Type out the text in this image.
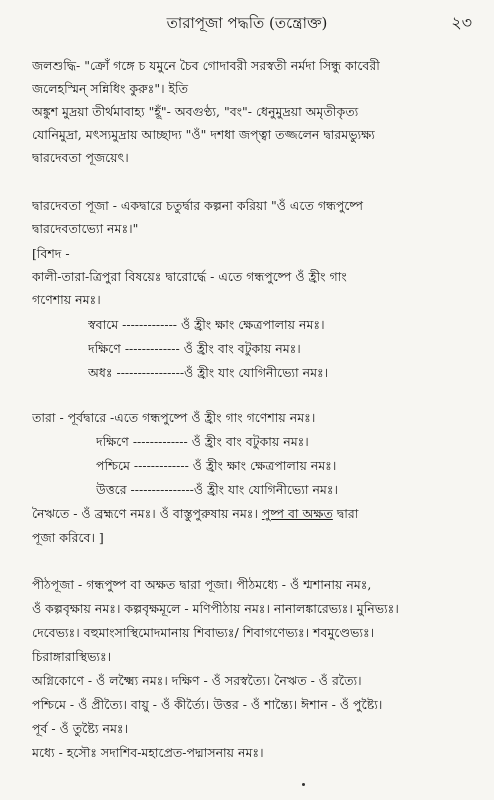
তারাপূজা পদ্ধতি (তন্ত্রোক্ত)	২৩
জলশুদ্ধি- "ক্রোঁ গঙ্গে চ যমুনে চৈব গোদাবরী সরস্বতী নর্মদা সিন্ধু কাবেরী
জলেহস্মিন্ সন্নিধিং কুরুঃ"। ইতি
অঙ্কুশ মুদ্রয়া তীর্থমাবাহ্য "হূঁ"- অবগুণ্ঠ্য, "বং"- ধেনুমুদ্রয়া অমৃতীকৃত্য
যোনিমুদ্রা, মৎস্যমুদ্রায় আচ্ছাদ্য "ওঁ" দশধা জপ্ত্বা তজ্জলেন দ্বারমভ্যুক্ষ্য
দ্বারদেবতা পূজয়েৎ।
দ্বারদেবতা পূজা - একদ্বারে চতুর্দ্বার কল্পনা করিয়া "ওঁ এতে গন্ধপুষ্পে
দ্বারদেবতাভ্যো নমঃ।"
[বিশদ -
কালী-তারা-ত্রিপুরা বিষয়েঃ দ্বারোর্দ্ধে - এতে গন্ধপুষ্পে ওঁ হ্রীং গাং
গণেশায় নমঃ।
স্ববামে ------------- ওঁ হ্রীং ক্ষাং ক্ষেত্রপালায় নমঃ।
দক্ষিণে ------------- ওঁ হ্রীং বাং বটুকায় নমঃ।
অধঃ ----------------ওঁ হ্রীং যাং যোগিনীভ্যো নমঃ।
তারা - পূর্বদ্বারে -এতে গন্ধপুষ্পে ওঁ হ্রীং গাং গণেশায় নমঃ।
দক্ষিণে ------------- ওঁ হ্রীং বাং বটুকায় নমঃ।
পশ্চিমে ------------- ওঁ হ্রীং ক্ষাং ক্ষেত্রপালায় নমঃ।
উত্তরে ---------------ওঁ হ্রীং যাং যোগিনীভ্যো নমঃ।
নৈঋতে - ওঁ ব্রহ্মণে নমঃ। ওঁ বাস্তুপুরুষায় নমঃ। পুষ্প বা অক্ষত দ্বারা
পূজা করিবে। ]
পীঠপূজা - গন্ধপুষ্প বা অক্ষত দ্বারা পূজা। পীঠমধ্যে - ওঁ শ্মশানায় নমঃ,
ওঁ কল্পবৃক্ষায় নমঃ। কল্পবৃক্ষমূলে - মণিপীঠায় নমঃ। নানালঙ্কারেভ্যঃ। মুনিভ্যঃ।
দেবেভ্যঃ। বহুমাংসাস্থিমোদমানায় শিবাভ্যঃ/ শিবাগণেভ্যঃ। শবমুণ্ডেভ্যঃ।
চিরাঙ্গারাস্থিভ্যঃ।
অগ্নিকোণে - ওঁ লক্ষ্ম্যৈ নমঃ। দক্ষিণ - ওঁ সরস্বত্যৈ। নৈঋত - ওঁ রত্যৈ।
পশ্চিমে - ওঁ প্রীত্যৈ। বায়ু - ওঁ কীর্ত্যৈ। উত্তর - ওঁ শান্ত্যৈ। ঈশান - ওঁ পুষ্ট্যৈ।
পূর্ব - ওঁ তুষ্ট্যৈ নমঃ।
মধ্যে - হসৌঃ সদাশিব-মহাপ্রেত-পদ্মাসনায় নমঃ।
